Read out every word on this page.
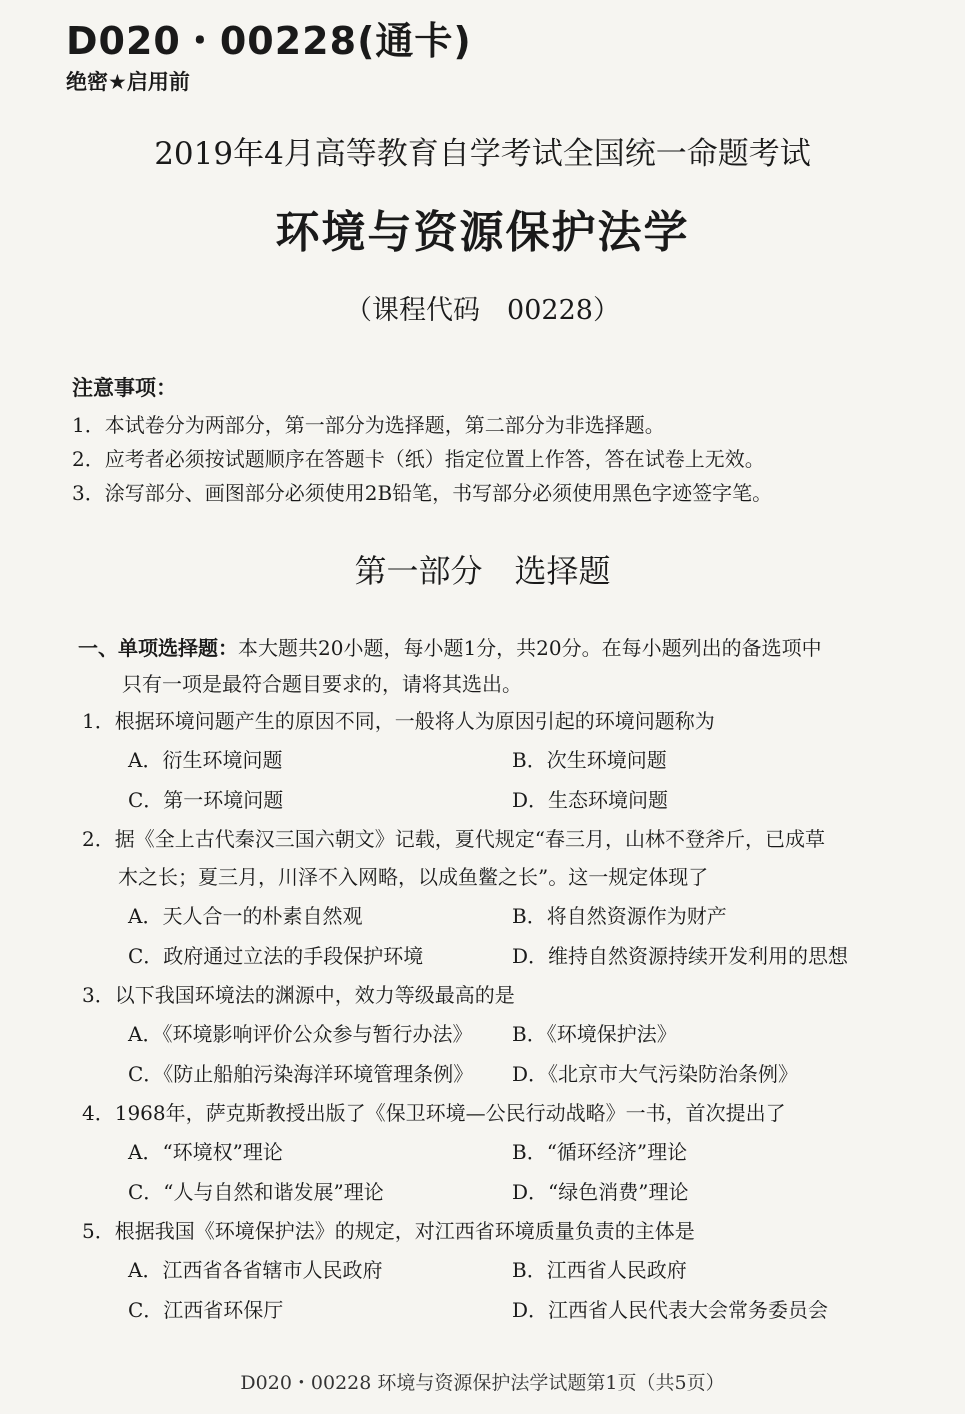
D020・00228(通卡)
绝密★启用前
2019年4月高等教育自学考试全国统一命题考试
环境与资源保护法学
（课程代码　00228）
注意事项：
1．本试卷分为两部分，第一部分为选择题，第二部分为非选择题。
2．应考者必须按试题顺序在答题卡（纸）指定位置上作答，答在试卷上无效。
3．涂写部分、画图部分必须使用2B铅笔，书写部分必须使用黑色字迹签字笔。
第一部分　选择题
一、单项选择题：本大题共20小题，每小题1分，共20分。在每小题列出的备选项中
只有一项是最符合题目要求的，请将其选出。
1．根据环境问题产生的原因不同，一般将人为原因引起的环境问题称为
A．衍生环境问题	B．次生环境问题
C．第一环境问题	D．生态环境问题
2．据《全上古代秦汉三国六朝文》记载，夏代规定“春三月，山林不登斧斤，已成草
木之长；夏三月，川泽不入网略，以成鱼鳖之长”。这一规定体现了
A．天人合一的朴素自然观	B．将自然资源作为财产
C．政府通过立法的手段保护环境	D．维持自然资源持续开发利用的思想
3．以下我国环境法的渊源中，效力等级最高的是
A．《环境影响评价公众参与暂行办法》	B．《环境保护法》
C．《防止船舶污染海洋环境管理条例》	D．《北京市大气污染防治条例》
4．1968年，萨克斯教授出版了《保卫环境—公民行动战略》一书，首次提出了
A．“环境权”理论	B．“循环经济”理论
C．“人与自然和谐发展”理论	D．“绿色消费”理论
5．根据我国《环境保护法》的规定，对江西省环境质量负责的主体是
A．江西省各省辖市人民政府	B．江西省人民政府
C．江西省环保厅	D．江西省人民代表大会常务委员会
D020・00228 环境与资源保护法学试题第1页（共5页）
